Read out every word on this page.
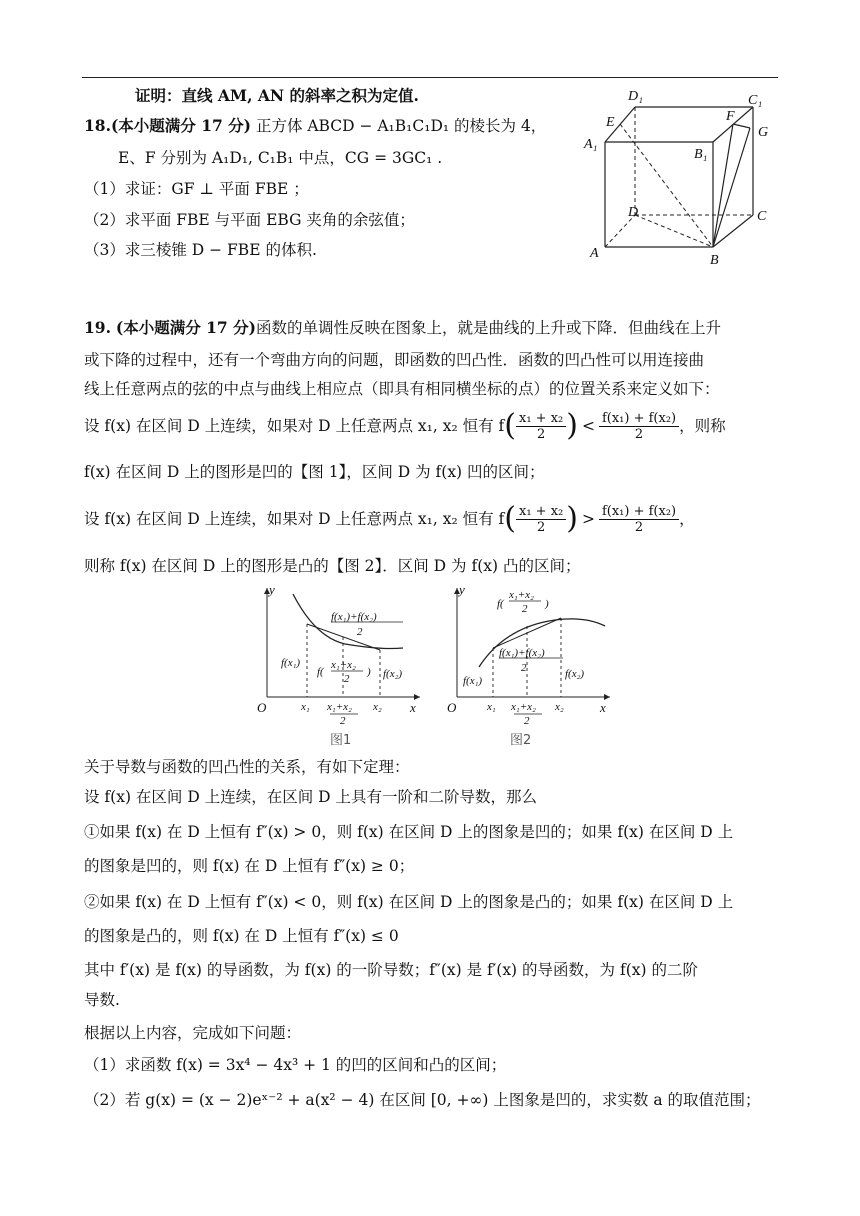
证明：直线 AM, AN 的斜率之积为定值.
18.(本小题满分 17 分) 正方体 ABCD − A₁B₁C₁D₁ 的棱长为 4，
E、F 分别为 A₁D₁, C₁B₁ 中点，CG = 3GC₁ .
（1）求证：GF ⊥ 平面 FBE ；
（2）求平面 FBE 与平面 EBG 夹角的余弦值；
（3）求三棱锥 D − FBE 的体积.
D₁	C₁
E	F
G
A₁
B₁
D	C
A	B
19. (本小题满分 17 分)函数的单调性反映在图象上，就是曲线的上升或下降．但曲线在上升
或下降的过程中，还有一个弯曲方向的问题，即函数的凹凸性．函数的凹凸性可以用连接曲
线上任意两点的弦的中点与曲线上相应点（即具有相同横坐标的点）的位置关系来定义如下：
设 f(x) 在区间 D 上连续，如果对 D 上任意两点 x₁, x₂ 恒有 f ( $\frac{\text{x₁ + x₂}}{2}$ ) < $\frac{\text{f(x₁) + f(x₂)}}{2}$ ，则称
f(x) 在区间 D 上的图形是凹的【图 1】，区间 D 为 f(x) 凹的区间；
设 f(x) 在区间 D 上连续，如果对 D 上任意两点 x₁, x₂ 恒有 f ( $\frac{\text{x₁ + x₂}}{2}$ ) > $\frac{\text{f(x₁) + f(x₂)}}{2}$ ，
则称 f(x) 在区间 D 上的图形是凸的【图 2】．区间 D 为 f(x) 凸的区间；
y
x
O
f(x₁)
f(x₂)
x₁	x₂
x₁+x₂
2
f(x₁)+f(x₂)
2
f(
x₁+x₂
2
)
图1
y
x
O
f(x₁)
f(x₂)
x₁	x₂
x₁+x₂
2
f(x₁)+f(x₂)
2
f(
x₁+x₂
2 )
图2
关于导数与函数的凹凸性的关系，有如下定理：
设 f(x) 在区间 D 上连续，在区间 D 上具有一阶和二阶导数，那么
①如果 f(x) 在 D 上恒有 f″(x) > 0，则 f(x) 在区间 D 上的图象是凹的；如果 f(x) 在区间 D 上
的图象是凹的，则 f(x) 在 D 上恒有 f″(x) ≥ 0；
②如果 f(x) 在 D 上恒有 f″(x) < 0，则 f(x) 在区间 D 上的图象是凸的；如果 f(x) 在区间 D 上
的图象是凸的，则 f(x) 在 D 上恒有 f″(x) ≤ 0
其中 f′(x) 是 f(x) 的导函数，为 f(x) 的一阶导数；f″(x) 是 f′(x) 的导函数，为 f(x) 的二阶
导数.
根据以上内容，完成如下问题：
（1）求函数 f(x) = 3x⁴ − 4x³ + 1 的凹的区间和凸的区间；
（2）若 g(x) = (x − 2)eˣ⁻² + a(x² − 4) 在区间 [0, +∞) 上图象是凹的，求实数 a 的取值范围；
